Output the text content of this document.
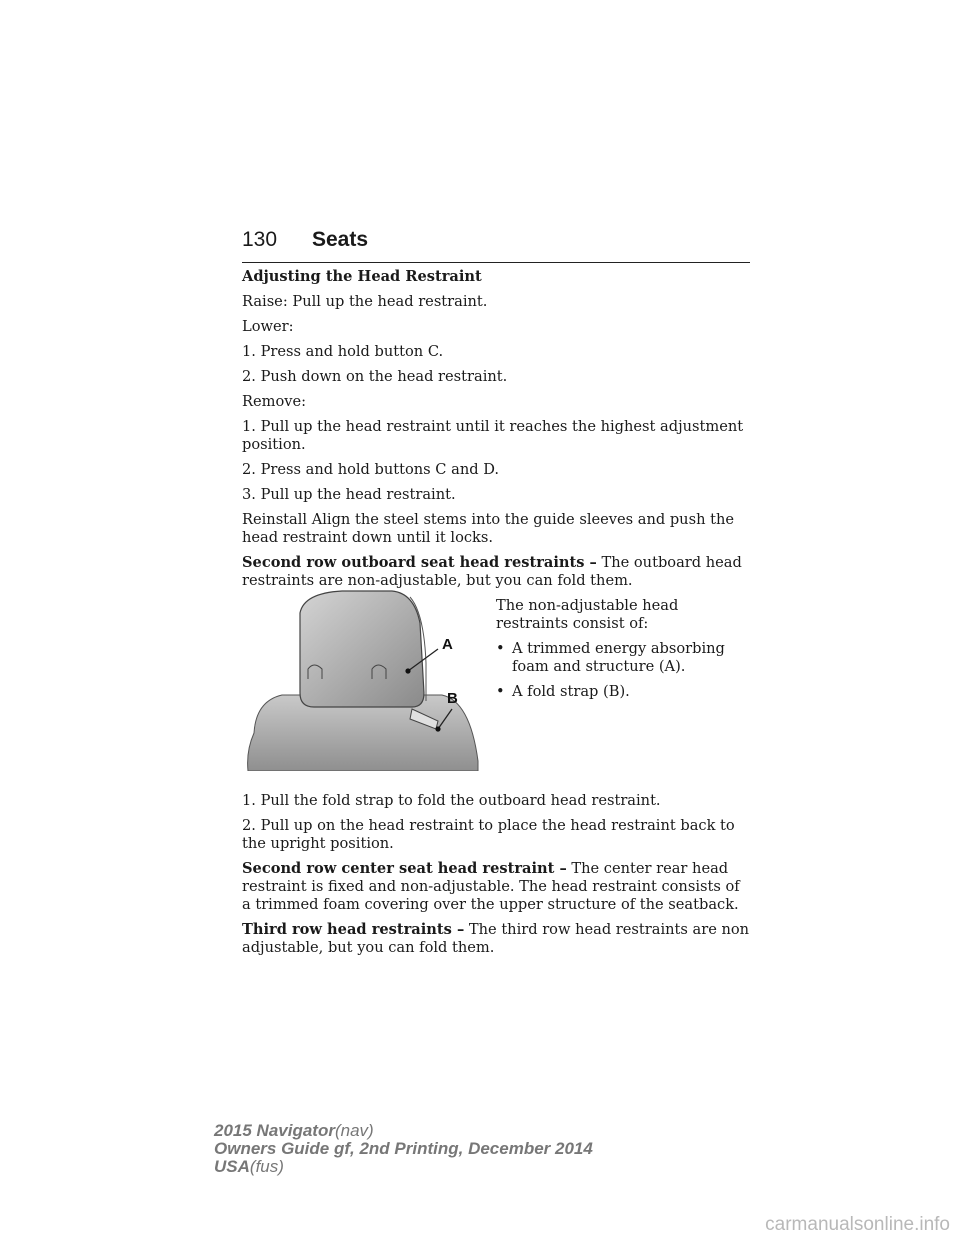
130 Seats

Adjusting the Head Restraint

Raise: Pull up the head restraint.

Lower:

1. Press and hold button C.

2. Push down on the head restraint.

Remove:

1. Pull up the head restraint until it reaches the highest adjustment position.

2. Press and hold buttons C and D.

3. Pull up the head restraint.

Reinstall Align the steel stems into the guide sleeves and push the head restraint down until it locks.

Second row outboard seat head restraints – The outboard head restraints are non-adjustable, but you can fold them.

A
B

The non-adjustable head restraints consist of:

• A trimmed energy absorbing foam and structure (A).
• A fold strap (B).

1. Pull the fold strap to fold the outboard head restraint.

2. Pull up on the head restraint to place the head restraint back to the upright position.

Second row center seat head restraint – The center rear head restraint is fixed and non-adjustable. The head restraint consists of a trimmed foam covering over the upper structure of the seatback.

Third row head restraints – The third row head restraints are non adjustable, but you can fold them.

2015 Navigator(nav)
Owners Guide gf, 2nd Printing, December 2014
USA(fus)
carmanualsonline.info
